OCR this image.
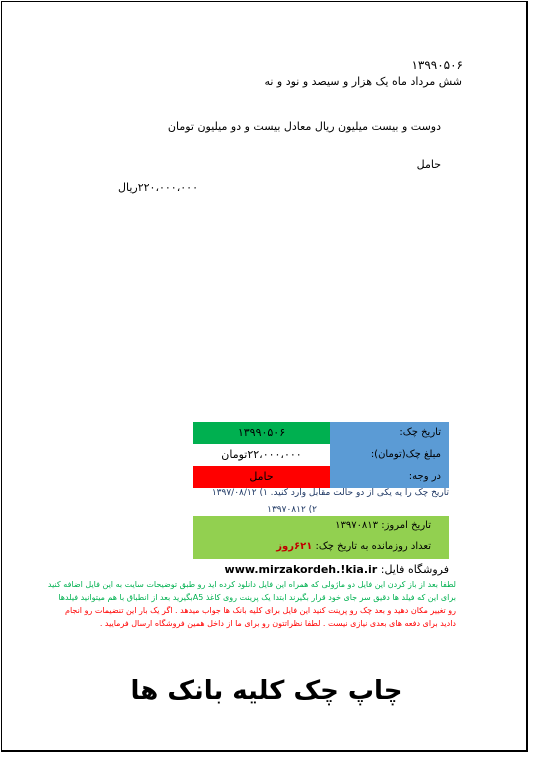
۱۳۹۹۰۵۰۶
شش مرداد ماه یک هزار و سیصد و نود و نه
دوست و بیست میلیون ریال معادل بیست و دو میلیون تومان
حامل
۲۲۰،۰۰۰،۰۰۰ریال
تاریخ چک:
۱۳۹۹۰۵۰۶
مبلغ چک(تومان):
۲۲،۰۰۰،۰۰۰تومان
در وجه:
حامل
تاریخ چک را یه یکی از دو حالت مقابل وارد کنید. ۱) ۱۳۹۷/۰۸/۱۲
۲) ۱۳۹۷۰۸۱۲
تاریخ امروز: ۱۳۹۷۰۸۱۳
تعداد روزمانده به تاریخ چک: ۶۲۱روز
فروشگاه فایل: www.mirzakordeh.!kia.ir
لطفا بعد از باز کردن این فایل دو ماژولی که همراه این فایل دانلود کرده اید رو طبق توضیحات سایت به این فایل اضافه کنید
برای این که فیلد ها دقیق سر جای خود قرار بگیرند ابتدا یک پرینت روی کاغذ A5بگیرید بعد از انطباق با هم میتوانید فیلدها
رو تغییر مکان دهید و بعد چک رو پرینت کنید این فایل برای کلیه بانک ها جواب میدهد . اگر یک بار این تنضیمات رو انجام
دادید برای دفعه های بعدی نیازی نیست . لطفا نظراتتون رو برای ما از داخل همین فروشگاه ارسال فرمایید .
چاپ چک کلیه بانک ها
